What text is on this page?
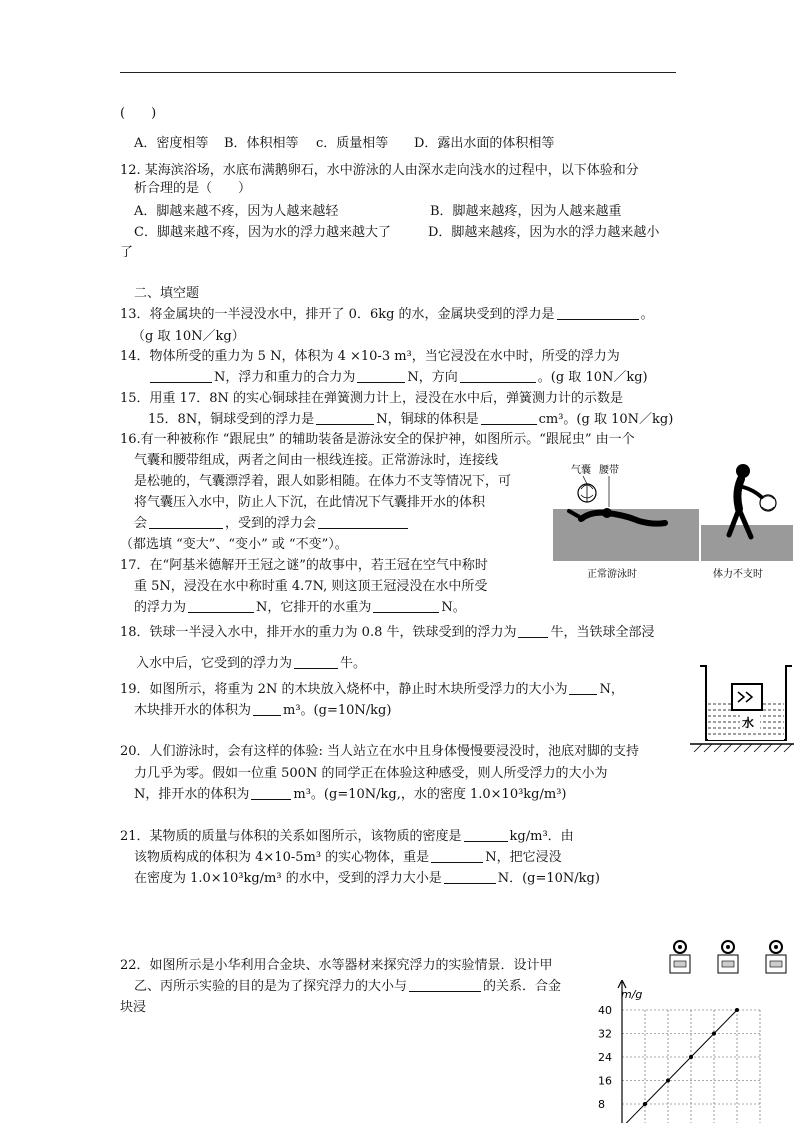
(　　)
A．密度相等 B．体积相等 c．质量相等 D．露出水面的体积相等
12. 某海滨浴场，水底布满鹅卵石，水中游泳的人由深水走向浅水的过程中，以下体验和分
析合理的是（　　）
A．脚越来越不疼，因为人越来越轻	B．脚越来越疼，因为人越来越重
C．脚越来越不疼，因为水的浮力越来越大了	D．脚越来越疼，因为水的浮力越来越小
了
二、填空题
13．将金属块的一半浸没水中，排开了 0．6kg 的水，金属块受到的浮力是	。
（g 取 10N／kg）
14．物体所受的重力为 5 N，体积为 4 ×10-3 m³，当它浸没在水中时，所受的浮力为
N，浮力和重力的合力为	N，方向	。(g 取 10N／kg)
15．用重 17．8N 的实心铜球挂在弹簧测力计上，浸没在水中后，弹簧测力计的示数是
15．8N，铜球受到的浮力是	N，铜球的体积是	cm³。(g 取 10N／kg)
16.有一种被称作 “跟屁虫” 的辅助装备是游泳安全的保护神，如图所示。“跟屁虫” 由一个
气囊和腰带组成，两者之间由一根线连接。正常游泳时，连接线
是松驰的，气囊漂浮着，跟人如影相随。在体力不支等情况下，可
将气囊压入水中，防止人下沉，在此情况下气囊排开水的体积
会	，受到的浮力会
（都选填 “变大”、“变小” 或 “不变”）。
气囊 腰带
正常游泳时	体力不支时
17．在“阿基米德解开王冠之谜”的故事中，若王冠在空气中称时
重 5N，浸没在水中称时重 4.7N, 则这顶王冠浸没在水中所受
的浮力为	N，它排开的水重为	N。
18．铁球一半浸入水中，排开水的重力为 0.8 牛，铁球受到的浮力为	牛，当铁球全部浸
入水中后，它受到的浮力为	牛。
19．如图所示，将重为 2N 的木块放入烧杯中，静止时木块所受浮力的大小为 N，
木块排开水的体积为 m³。(g=10N/kg)
水
20．人们游泳时，会有这样的体验: 当人站立在水中且身体慢慢要浸没时，池底对脚的支持
力几乎为零。假如一位重 500N 的同学正在体验这种感受，则人所受浮力的大小为
N，排开水的体积为	m³。(g=10N/kg,，水的密度 1.0×10³kg/m³)
21．某物质的质量与体积的关系如图所示，该物质的密度是	kg/m³．由
该物质构成的体积为 4×10-5m³ 的实心物体，重是	N，把它浸没
在密度为 1.0×10³kg/m³ 的水中，受到的浮力大小是	N．(g=10N/kg)
22．如图所示是小华利用合金块、水等器材来探究浮力的实验情景．设计甲
乙、丙所示实验的目的是为了探究浮力的大小与	的关系．合金
块浸
m/g
8
16
24
32
40
